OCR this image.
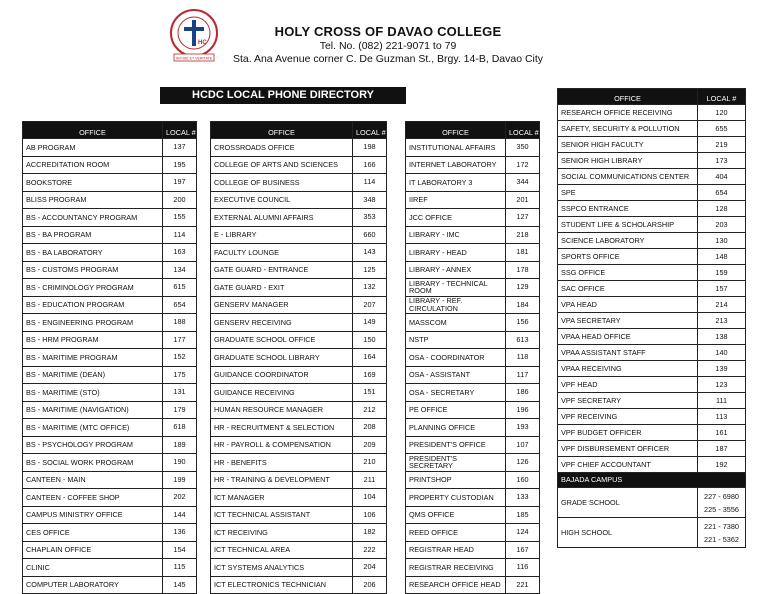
HC
IN FIDE ET VERITATE
HOLY CROSS OF DAVAO COLLEGE
Tel. No. (082) 221-9071 to 79
Sta. Ana Avenue corner C. De Guzman St., Brgy. 14-B, Davao City
HCDC LOCAL PHONE DIRECTORY
OFFICE	LOCAL #
AB PROGRAM	137
ACCREDITATION ROOM	195
BOOKSTORE	197
BLISS PROGRAM	200
BS - ACCOUNTANCY PROGRAM	155
BS - BA PROGRAM	114
BS - BA LABORATORY	163
BS - CUSTOMS PROGRAM	134
BS - CRIMINOLOGY PROGRAM	615
BS - EDUCATION PROGRAM	654
BS - ENGINEERING PROGRAM	188
BS - HRM PROGRAM	177
BS - MARITIME PROGRAM	152
BS - MARITIME (DEAN)	175
BS - MARITIME (STO)	131
BS - MARITIME (NAVIGATION)	179
BS - MARITIME (MTC OFFICE)	618
BS - PSYCHOLOGY PROGRAM	189
BS - SOCIAL WORK PROGRAM	190
CANTEEN - MAIN	199
CANTEEN - COFFEE SHOP	202
CAMPUS MINISTRY OFFICE	144
CES OFFICE	136
CHAPLAIN OFFICE	154
CLINIC	115
COMPUTER LABORATORY	145
OFFICE	LOCAL #
CROSSROADS OFFICE	198
COLLEGE OF ARTS AND SCIENCES	166
COLLEGE OF BUSINESS	114
EXECUTIVE COUNCIL	348
EXTERNAL ALUMNI AFFAIRS	353
E - LIBRARY	660
FACULTY LOUNGE	143
GATE GUARD - ENTRANCE	125
GATE GUARD - EXIT	132
GENSERV MANAGER	207
GENSERV RECEIVING	149
GRADUATE SCHOOL OFFICE	150
GRADUATE SCHOOL LIBRARY	164
GUIDANCE COORDINATOR	169
GUIDANCE RECEIVING	151
HUMAN RESOURCE MANAGER	212
HR - RECRUITMENT & SELECTION	208
HR - PAYROLL & COMPENSATION	209
HR - BENEFITS	210
HR - TRAINING & DEVELOPMENT	211
ICT MANAGER	104
ICT TECHNICAL ASSISTANT	106
ICT RECEIVING	182
ICT TECHNICAL AREA	222
ICT SYSTEMS ANALYTICS	204
ICT ELECTRONICS TECHNICIAN	206
OFFICE	LOCAL #
INSTITUTIONAL AFFAIRS	350
INTERNET LABORATORY	172
IT LABORATORY 3	344
IIREF	201
JCC OFFICE	127
LIBRARY - IMC	218
LIBRARY - HEAD	181
LIBRARY - ANNEX	178
LIBRARY - TECHNICAL ROOM	129
LIBRARY - REF. CIRCULATION	184
MASSCOM	156
NSTP	613
OSA - COORDINATOR	118
OSA - ASSISTANT	117
OSA - SECRETARY	186
PE OFFICE	196
PLANNING OFFICE	193
PRESIDENT'S OFFICE	107
PRESIDENT'S SECRETARY	126
PRINTSHOP	160
PROPERTY CUSTODIAN	133
QMS OFFICE	185
REED OFFICE	124
REGISTRAR HEAD	167
REGISTRAR RECEIVING	116
RESEARCH OFFICE HEAD	221
OFFICE	LOCAL #
RESEARCH OFFICE RECEIVING	120
SAFETY, SECURITY & POLLUTION	655
SENIOR HIGH FACULTY	219
SENIOR HIGH LIBRARY	173
SOCIAL COMMUNICATIONS CENTER	404
SPE	654
SSPCO ENTRANCE	128
STUDENT LIFE & SCHOLARSHIP	203
SCIENCE LABORATORY	130
SPORTS OFFICE	148
SSG OFFICE	159
SAC OFFICE	157
VPA HEAD	214
VPA SECRETARY	213
VPAA HEAD OFFICE	138
VPAA ASSISTANT STAFF	140
VPAA RECEIVING	139
VPF HEAD	123
VPF SECRETARY	111
VPF RECEIVING	113
VPF BUDGET OFFICER	161
VPF DISBURSEMENT OFFICER	187
VPF CHIEF ACCOUNTANT	192
BAJADA CAMPUS	
GRADE SCHOOL	227 - 6980
225 - 3556

HIGH SCHOOL	221 - 7380
221 - 5362
